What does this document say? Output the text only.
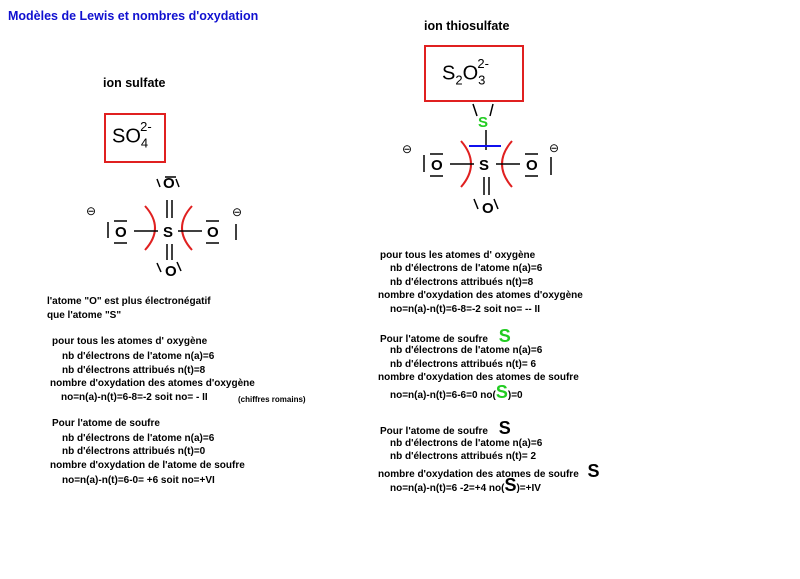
Modèles de Lewis et nombres d'oxydation
ion sulfate
$SO_4^{2-}$
ion thiosulfate
$S_2O_3^{2-}$
S
O
O
⊖
O
⊖
O
S
S
O
⊖
O
⊖
O
l'atome "O" est plus électronégatif
que l'atome "S"
pour tous les atomes d' oxygène
nb d'électrons de l'atome n(a)=6
nb d'électrons attribués n(t)=8
nombre d'oxydation des atomes d'oxygène
no=n(a)-n(t)=6-8=-2 soit no= - II	(chiffres romains)
Pour l'atome de soufre
nb d'électrons de l'atome n(a)=6
nb d'électrons attribués n(t)=0
nombre d'oxydation de l'atome de soufre
no=n(a)-n(t)=6-0= +6 soit no=+VI
pour tous les atomes d' oxygène
nb d'électrons de l'atome n(a)=6
nb d'électrons attribués n(t)=8
nombre d'oxydation des atomes d'oxygène
no=n(a)-n(t)=6-8=-2 soit no= -- II
Pour l'atome de soufre S
nb d'électrons de l'atome n(a)=6
nb d'électrons attribués n(t)= 6
nombre d'oxydation des atomes de soufre
no=n(a)-n(t)=6-6=0 no(S)=0
Pour l'atome de soufre S
nb d'électrons de l'atome n(a)=6
nb d'électrons attribués n(t)= 2
nombre d'oxydation des atomes de soufre S
no=n(a)-n(t)=6 -2=+4 no(S)=+IV
